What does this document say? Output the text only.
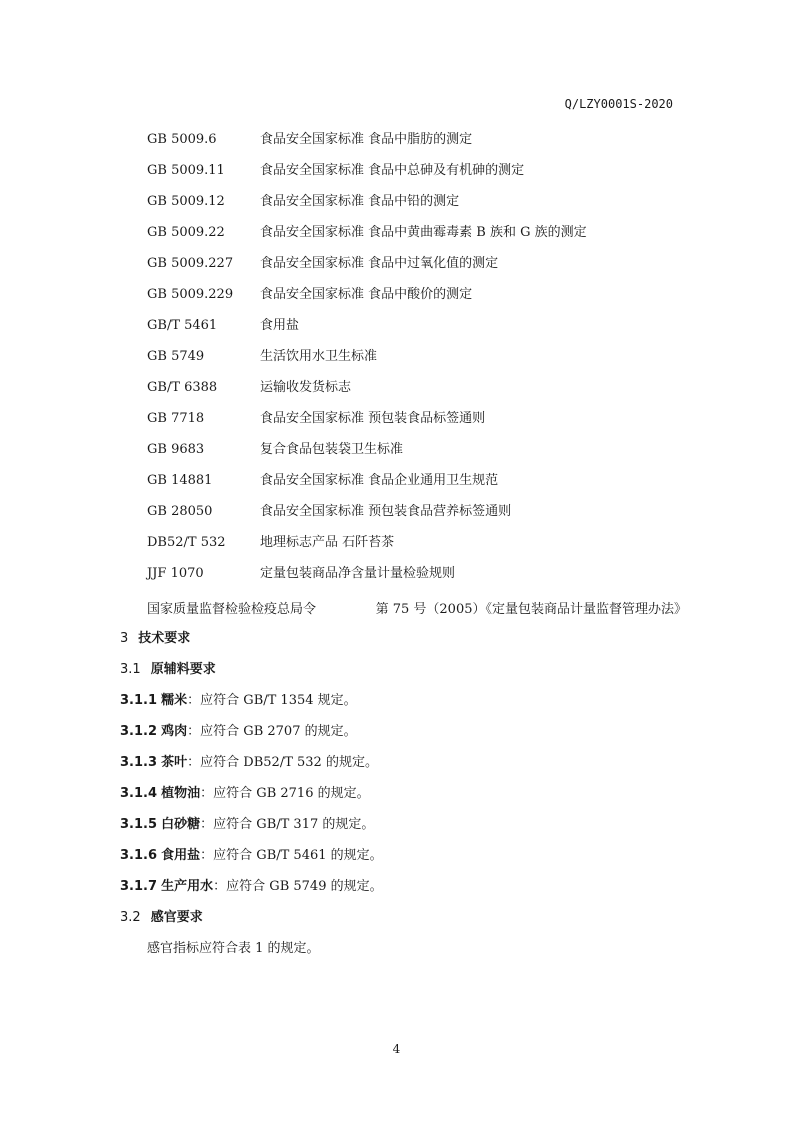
Q/LZY0001S-2020
GB 5009.6	食品安全国家标准 食品中脂肪的测定
GB 5009.11	食品安全国家标准 食品中总砷及有机砷的测定
GB 5009.12	食品安全国家标准 食品中铅的测定
GB 5009.22	食品安全国家标准 食品中黄曲霉毒素 B 族和 G 族的测定
GB 5009.227	食品安全国家标准 食品中过氧化值的测定
GB 5009.229	食品安全国家标准 食品中酸价的测定
GB/T 5461	食用盐
GB 5749	生活饮用水卫生标准
GB/T 6388	运输收发货标志
GB 7718	食品安全国家标准 预包装食品标签通则
GB 9683	复合食品包装袋卫生标准
GB 14881	食品安全国家标准 食品企业通用卫生规范
GB 28050	食品安全国家标准 预包装食品营养标签通则
DB52/T 532	地理标志产品 石阡苔茶
JJF 1070	定量包装商品净含量计量检验规则
国家质量监督检验检疫总局令	第 75 号（2005）《定量包装商品计量监督管理办法》
3 技术要求
3.1 原辅料要求
3.1.1 糯米：应符合 GB/T 1354 规定。
3.1.2 鸡肉：应符合 GB 2707 的规定。
3.1.3 茶叶：应符合 DB52/T 532 的规定。
3.1.4 植物油：应符合 GB 2716 的规定。
3.1.5 白砂糖：应符合 GB/T 317 的规定。
3.1.6 食用盐：应符合 GB/T 5461 的规定。
3.1.7 生产用水：应符合 GB 5749 的规定。
3.2 感官要求
感官指标应符合表 1 的规定。
4
